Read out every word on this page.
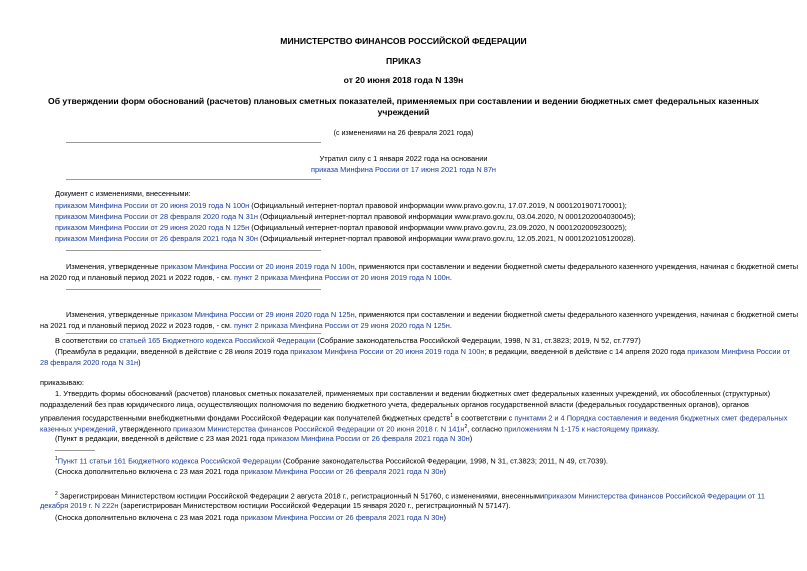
МИНИСТЕРСТВО ФИНАНСОВ РОССИЙСКОЙ ФЕДЕРАЦИИ
ПРИКАЗ
от 20 июня 2018 года N 139н
Об утверждении форм обоснований (расчетов) плановых сметных показателей, применяемых при составлении и ведении бюджетных смет федеральных казенных
учреждений
(с изменениями на 26 февраля 2021 года)
Утратил силу с 1 января 2022 года на основании
приказа Минфина России от 17 июня 2021 года N 87н
Документ с изменениями, внесенными:
приказом Минфина России от 20 июня 2019 года N 100н (Официальный интернет-портал правовой информации www.pravo.gov.ru, 17.07.2019, N 0001201907170001);
приказом Минфина России от 28 февраля 2020 года N 31н (Официальный интернет-портал правовой информации www.pravo.gov.ru, 03.04.2020, N 0001202004030045);
приказом Минфина России от 29 июня 2020 года N 125н (Официальный интернет-портал правовой информации www.pravo.gov.ru, 23.09.2020, N 0001202009230025);
приказом Минфина России от 26 февраля 2021 года N 30н (Официальный интернет-портал правовой информации www.pravo.gov.ru, 12.05.2021, N 0001202105120028).
Изменения, утвержденные приказом Минфина России от 20 июня 2019 года N 100н, применяются при составлении и ведении бюджетной сметы федерального казенного учреждения, начиная с бюджетной сметы
на 2020 год и плановый период 2021 и 2022 годов, - см. пункт 2 приказа Минфина России от 20 июня 2019 года N 100н.
Изменения, утвержденные приказом Минфина России от 29 июня 2020 года N 125н, применяются при составлении и ведении бюджетной сметы федерального казенного учреждения, начиная с бюджетной сметы
на 2021 год и плановый период 2022 и 2023 годов, - см. пункт 2 приказа Минфина России от 29 июня 2020 года N 125н.
В соответствии со статьей 165 Бюджетного кодекса Российской Федерации (Собрание законодательства Российской Федерации, 1998, N 31, ст.3823; 2019, N 52, ст.7797)
(Преамбула в редакции, введенной в действие с 28 июля 2019 года приказом Минфина России от 20 июня 2019 года N 100н; в редакции, введенной в действие с 14 апреля 2020 года приказом Минфина России от
28 февраля 2020 года N 31н)
приказываю:
1. Утвердить формы обоснований (расчетов) плановых сметных показателей, применяемых при составлении и ведении бюджетных смет федеральных казенных учреждений, их обособленных (структурных)
подразделений без прав юридического лица, осуществляющих полномочия по ведению бюджетного учета, федеральных органов государственной власти (федеральных государственных органов), органов
управления государственными внебюджетными фондами Российской Федерации как получателей бюджетных средств$^1$ в соответствии с пунктами 2 и 4 Порядка составления и ведения бюджетных смет федеральных
казенных учреждений, утвержденного приказом Министерства финансов Российской Федерации от 20 июня 2018 г. N $141н^2$, согласно приложениям N 1-175 к настоящему приказу.
(Пункт в редакции, введенной в действие с 23 мая 2021 года приказом Минфина России от 26 февраля 2021 года N 30н)
$^1$Пункт 11 статьи 161 Бюджетного кодекса Российской Федерации (Собрание законодательства Российской Федерации, 1998, N 31, ст.3823; 2011, N 49, ст.7039).
(Сноска дополнительно включена с 23 мая 2021 года приказом Минфина России от 26 февраля 2021 года N 30н)
$^2$ Зарегистрирован Министерством юстиции Российской Федерации 2 августа 2018 г., регистрационный N 51760, с изменениями, внесеннымиприказом Министерства финансов Российской Федерации от 11
декабря 2019 г. N 222н (зарегистрирован Министерством юстиции Российской Федерации 15 января 2020 г., регистрационный N 57147).
(Сноска дополнительно включена с 23 мая 2021 года приказом Минфина России от 26 февраля 2021 года N 30н)
